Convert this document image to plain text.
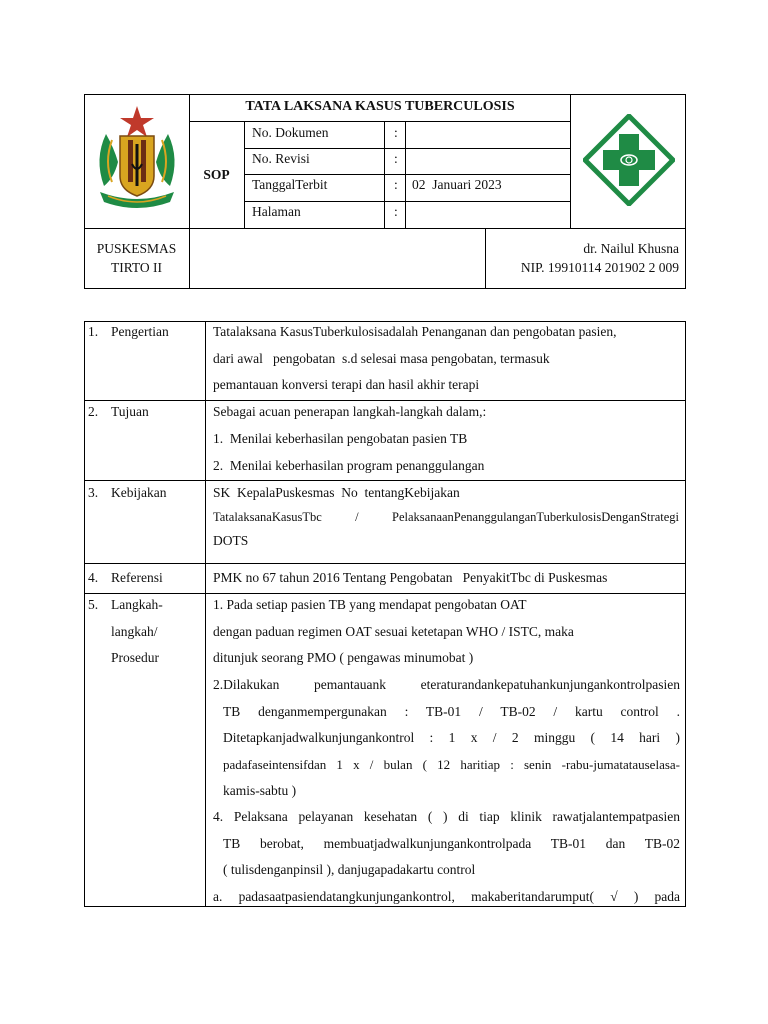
TATA LAKSANA KASUS TUBERCULOSIS
SOP
No. Dokumen	:
No. Revisi	:
TanggalTerbit	: 02  Januari 2023
Halaman	:
PUSKESMAS
TIRTO II
dr. Nailul Khusna
NIP. 19910114 201902 2 009
1. Pengertian	Tatalaksana KasusTuberkulosisadalah Penanganan dan pengobatan pasien,
dari awal   pengobatan  s.d selesai masa pengobatan, termasuk
pemantauan konversi terapi dan hasil akhir terapi
2. Tujuan	Sebagai acuan penerapan langkah-langkah dalam,:
1.  Menilai keberhasilan pengobatan pasien TB
2.  Menilai keberhasilan program penanggulangan
3. Kebijakan	SK  KepalaPuskesmas  No  tentangKebijakan
TatalaksanaKasusTbc / PelaksanaanPenanggulanganTuberkulosisDenganStrategi
DOTS
4. Referensi	PMK no 67 tahun 2016 Tentang Pengobatan   PenyakitTbc di Puskesmas
5. Langkah-
langkah/
Prosedur
1. Pada setiap pasien TB yang mendapat pengobatan OAT
dengan paduan regimen OAT sesuai ketetapan WHO / ISTC, maka
ditunjuk seorang PMO ( pengawas minumobat )
2.Dilakukan pemantauank eteraturandankepatuhankunjungankontrolpasien
TB denganmempergunakan : TB-01 / TB-02 / kartu control .
Ditetapkanjadwalkunjungankontrol : 1 x / 2 minggu ( 14 hari )
padafaseintensifdan 1 x / bulan ( 12 haritiap : senin -rabu-jumatatauselasa-
kamis-sabtu )
4. Pelaksana pelayanan kesehatan ( ) di tiap klinik rawatjalantempatpasien
TB berobat, membuatjadwalkunjungankontrolpada TB-01 dan TB-02
( tulisdenganpinsil ), danjugapadakartu control
a. padasaatpasiendatangkunjungankontrol, makaberitandarumput( √ ) pada
